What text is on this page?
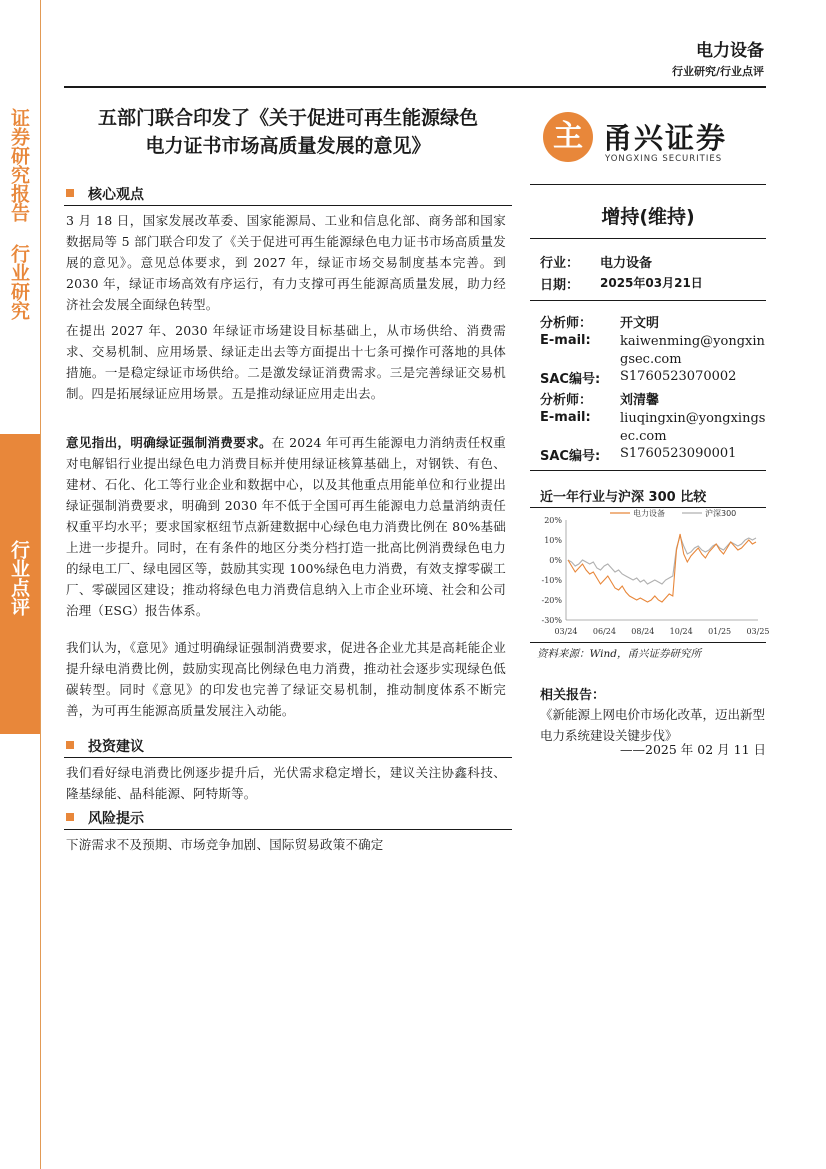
证券研究报告 行业研究
行业点评
电力设备
行业研究/行业点评
五部门联合印发了《关于促进可再生能源绿色
电力证书市场高质量发展的意见》	主 甬兴证券
YONGXING SECURITIES
核心观点
3 月 18 日，国家发展改革委、国家能源局、工业和信息化部、商务部和国家数据局等 5 部门联合印发了《关于促进可再生能源绿色电力证书市场高质量发展的意见》。意见总体要求，到 2027 年，绿证市场交易制度基本完善。到 2030 年，绿证市场高效有序运行，有力支撑可再生能源高质量发展，助力经济社会发展全面绿色转型。
在提出 2027 年、2030 年绿证市场建设目标基础上，从市场供给、消费需求、交易机制、应用场景、绿证走出去等方面提出十七条可操作可落地的具体措施。一是稳定绿证市场供给。二是激发绿证消费需求。三是完善绿证交易机制。四是拓展绿证应用场景。五是推动绿证应用走出去。
意见指出，明确绿证强制消费要求。在 2024 年可再生能源电力消纳责任权重对电解铝行业提出绿色电力消费目标并使用绿证核算基础上，对钢铁、有色、建材、石化、化工等行业企业和数据中心，以及其他重点用能单位和行业提出绿证强制消费要求，明确到 2030 年不低于全国可再生能源电力总量消纳责任权重平均水平；要求国家枢纽节点新建数据中心绿色电力消费比例在 80%基础上进一步提升。同时，在有条件的地区分类分档打造一批高比例消费绿色电力的绿电工厂、绿电园区等，鼓励其实现 100%绿色电力消费，有效支撑零碳工厂、零碳园区建设；推动将绿色电力消费信息纳入上市企业环境、社会和公司治理（ESG）报告体系。
我们认为，《意见》通过明确绿证强制消费要求，促进各企业尤其是高耗能企业提升绿电消费比例，鼓励实现高比例绿色电力消费，推动社会逐步实现绿色低碳转型。同时《意见》的印发也完善了绿证交易机制，推动制度体系不断完善，为可再生能源高质量发展注入动能。
投资建议
我们看好绿电消费比例逐步提升后，光伏需求稳定增长，建议关注协鑫科技、隆基绿能、晶科能源、阿特斯等。
风险提示
下游需求不及预期、市场竞争加剧、国际贸易政策不确定
增持(维持)
行业： 电力设备
日期： 2025年03月21日
分析师： 开文明
E-mail: kaiwenming@yongxin
gsec.com
SAC编号: S1760523070002
分析师： 刘清馨
E-mail: liuqingxin@yongxings
ec.com
SAC编号: S1760523090001
近一年行业与沪深 300 比较
20%
10%
0%
-10%
-20%
-30%
03/24 06/24 08/24 10/24 01/25 03/25
电力设备	沪深300
资料来源：Wind，甬兴证券研究所
相关报告：
《新能源上网电价市场化改革，迈出新型电力系统建设关键步伐》
——2025 年 02 月 11 日
